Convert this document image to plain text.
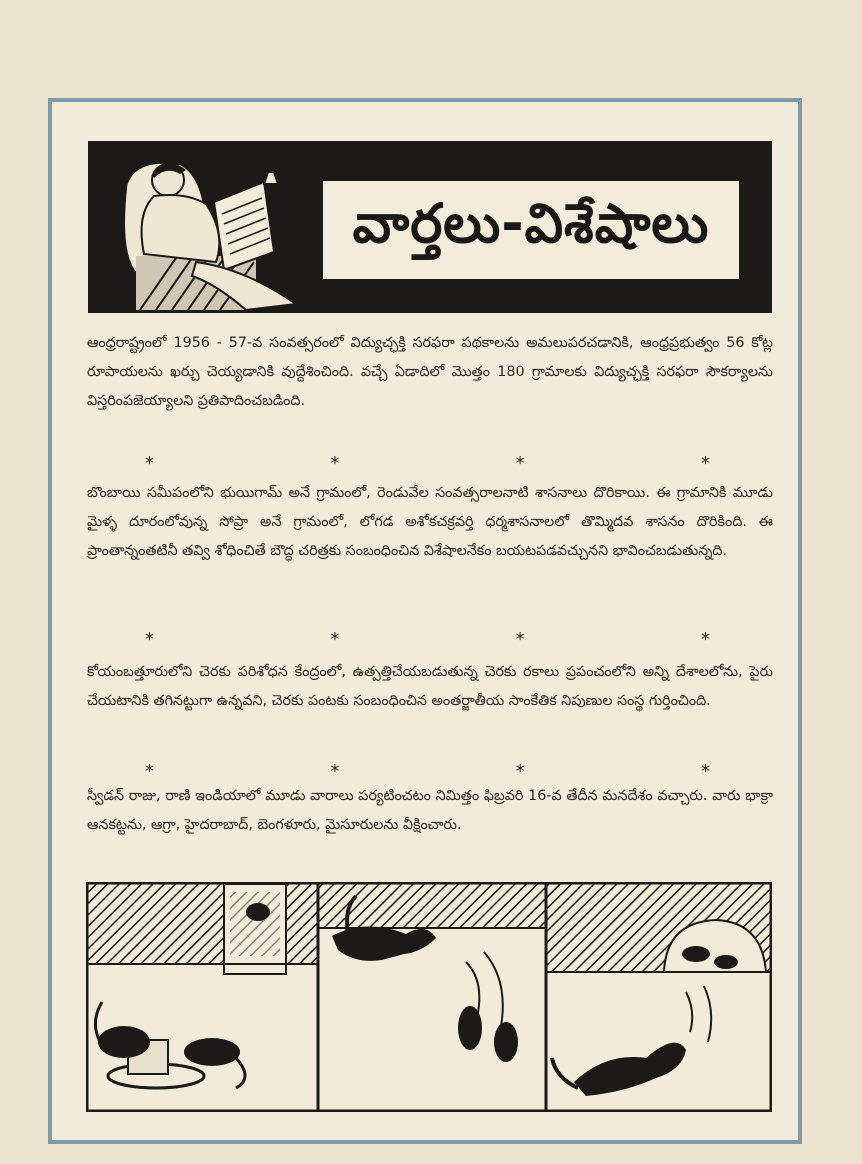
వార్తలు-విశేషాలు

ఆంధ్రరాష్ట్రంలో 1956 - 57-వ సంవత్సరంలో విద్యుచ్ఛక్తి సరఫరా పథకాలను అమలుపరచడానికి, ఆంధ్రప్రభుత్వం 56 కోట్ల రూపాయలను ఖర్చు చెయ్యడానికి వుద్దేశించింది. వచ్చే ఏడాదిలో మొత్తం 180 గ్రామాలకు విద్యుచ్ఛక్తి సరఫరా సౌకర్యాలను విస్తరింపజెయ్యాలని ప్రతిపాదించబడింది.

*	*	*	*

బొంబాయి సమీపంలోని భుయిగామ్ అనే గ్రామంలో, రెండువేల సంవత్సరాలనాటి శాసనాలు దొరికాయి. ఈ గ్రామానికి మూడు మైళ్ళ దూరంలోవున్న సోప్రా అనే గ్రామంలో, లోగడ అశోకచక్రవర్తి ధర్మశాసనాలలో తొమ్మిదవ శాసనం దొరికింది. ఈ ప్రాంతాన్నంతటినీ తవ్వి శోధించితే బౌద్ధ చరిత్రకు సంబంధించిన విశేషాలనేకం బయటపడవచ్చునని భావించబడుతున్నది.

*	*	*	*

కోయంబత్తూరులోని చెరకు పరిశోధన కేంద్రంలో, ఉత్పత్తిచేయబడుతున్న చెరకు రకాలు ప్రపంచంలోని అన్ని దేశాలలోను, పైరు చేయటానికి తగినట్టుగా ఉన్నవని, చెరకు పంటకు సంబంధించిన అంతర్జాతీయ సాంకేతిక నిపుణుల సంస్థ గుర్తించింది.

*	*	*	*

స్వీడన్ రాజు, రాణి ఇండియాలో మూడు వారాలు పర్యటించటం నిమిత్తం ఫిబ్రవరి 16-వ తేదీన మనదేశం వచ్చారు. వారు భాక్రా ఆనకట్టను, ఆగ్రా, హైదరాబాద్, బెంగళూరు, మైసూరులను వీక్షించారు.
